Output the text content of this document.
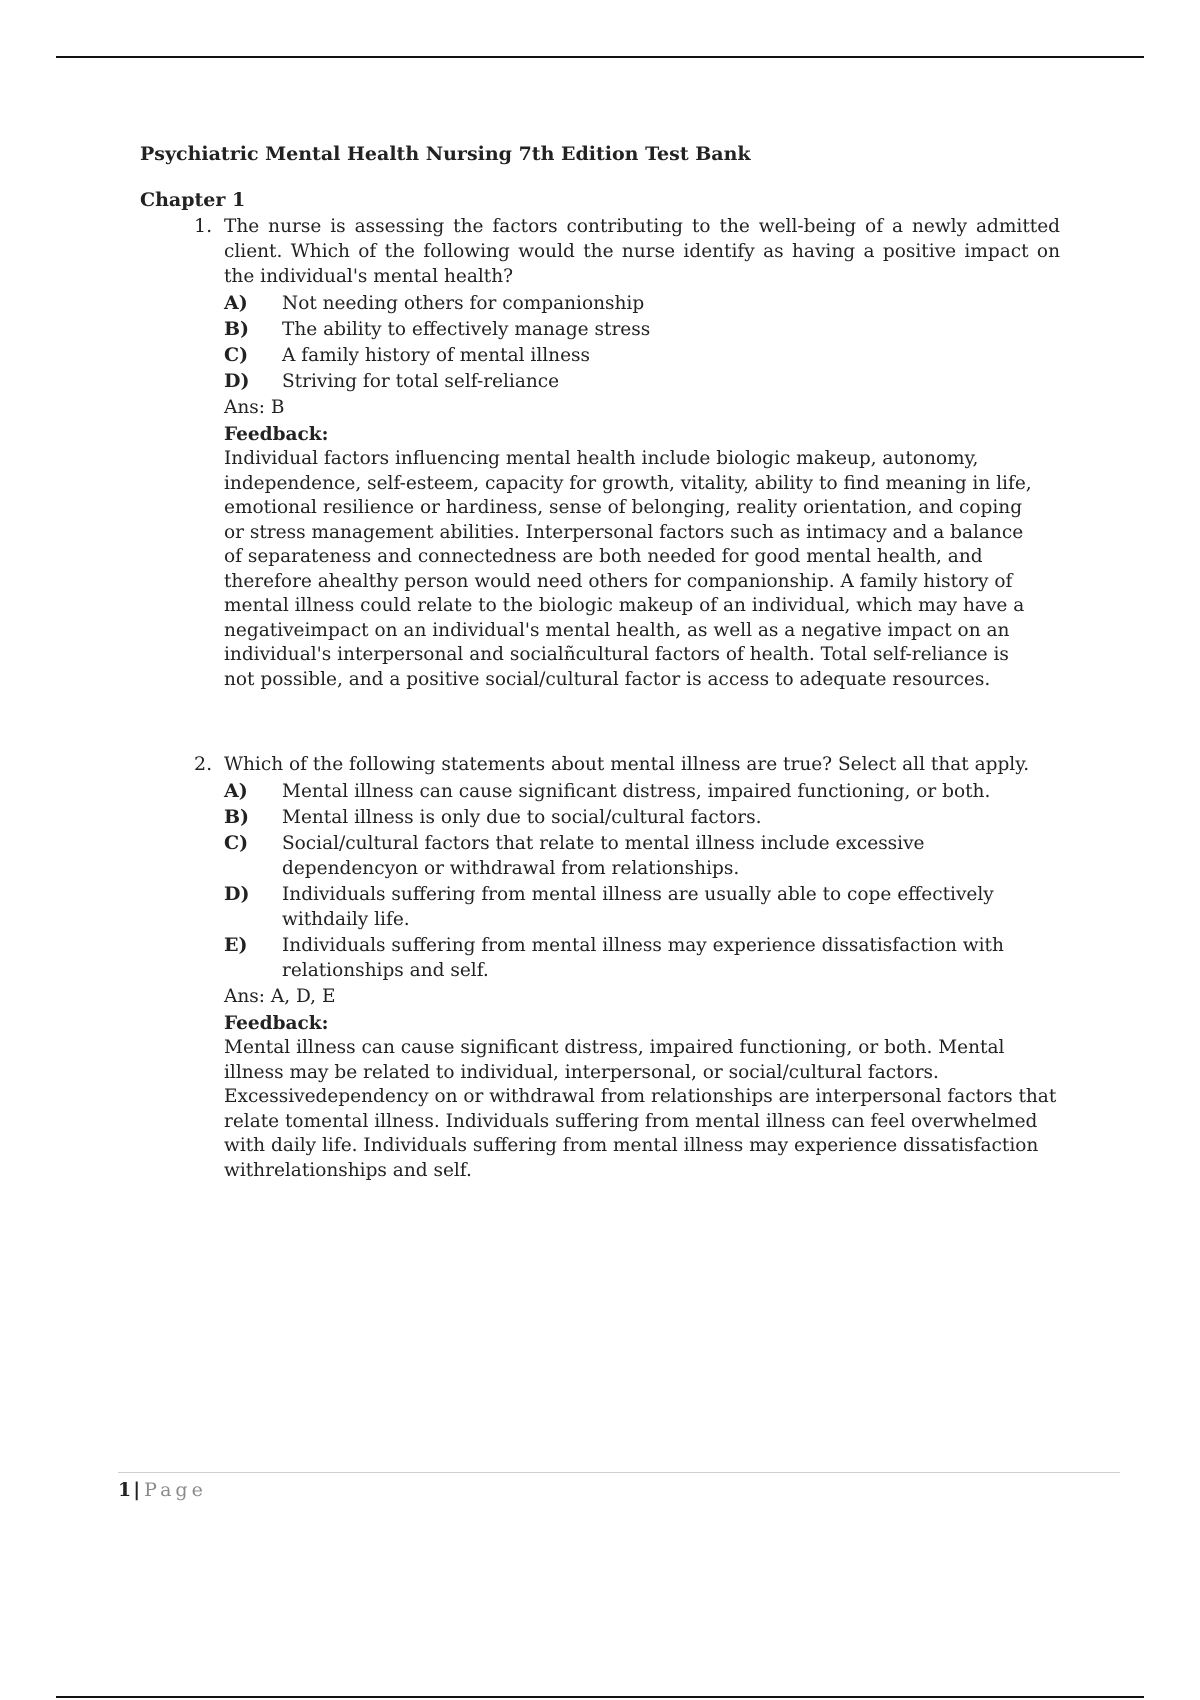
Psychiatric Mental Health Nursing 7th Edition Test Bank
Chapter 1
1. The nurse is assessing the factors contributing to the well-being of a newly admitted client. Which of the following would the nurse identify as having a positive impact on the individual's mental health?
A)	Not needing others for companionship
B)	The ability to effectively manage stress
C)	A family history of mental illness
D)	Striving for total self-reliance
Ans: B
Feedback:
Individual factors influencing mental health include biologic makeup, autonomy, independence, self-esteem, capacity for growth, vitality, ability to find meaning in life, emotional resilience or hardiness, sense of belonging, reality orientation, and coping or stress management abilities. Interpersonal factors such as intimacy and a balance of separateness and connectedness are both needed for good mental health, and therefore ahealthy person would need others for companionship. A family history of mental illness could relate to the biologic makeup of an individual, which may have a negativeimpact on an individual's mental health, as well as a negative impact on an individual's interpersonal and socialñcultural factors of health. Total self-reliance is not possible, and a positive social/cultural factor is access to adequate resources.
2. Which of the following statements about mental illness are true? Select all that apply.
A)	Mental illness can cause significant distress, impaired functioning, or both.
B)	Mental illness is only due to social/cultural factors.
C)	Social/cultural factors that relate to mental illness include excessive dependencyon or withdrawal from relationships.
D)	Individuals suffering from mental illness are usually able to cope effectively withdaily life.
E)	Individuals suffering from mental illness may experience dissatisfaction with relationships and self.
Ans: A, D, E
Feedback:
Mental illness can cause significant distress, impaired functioning, or both. Mental illness may be related to individual, interpersonal, or social/cultural factors. Excessivedependency on or withdrawal from relationships are interpersonal factors that relate tomental illness. Individuals suffering from mental illness can feel overwhelmed with daily life. Individuals suffering from mental illness may experience dissatisfaction withrelationships and self.
1 | Page
